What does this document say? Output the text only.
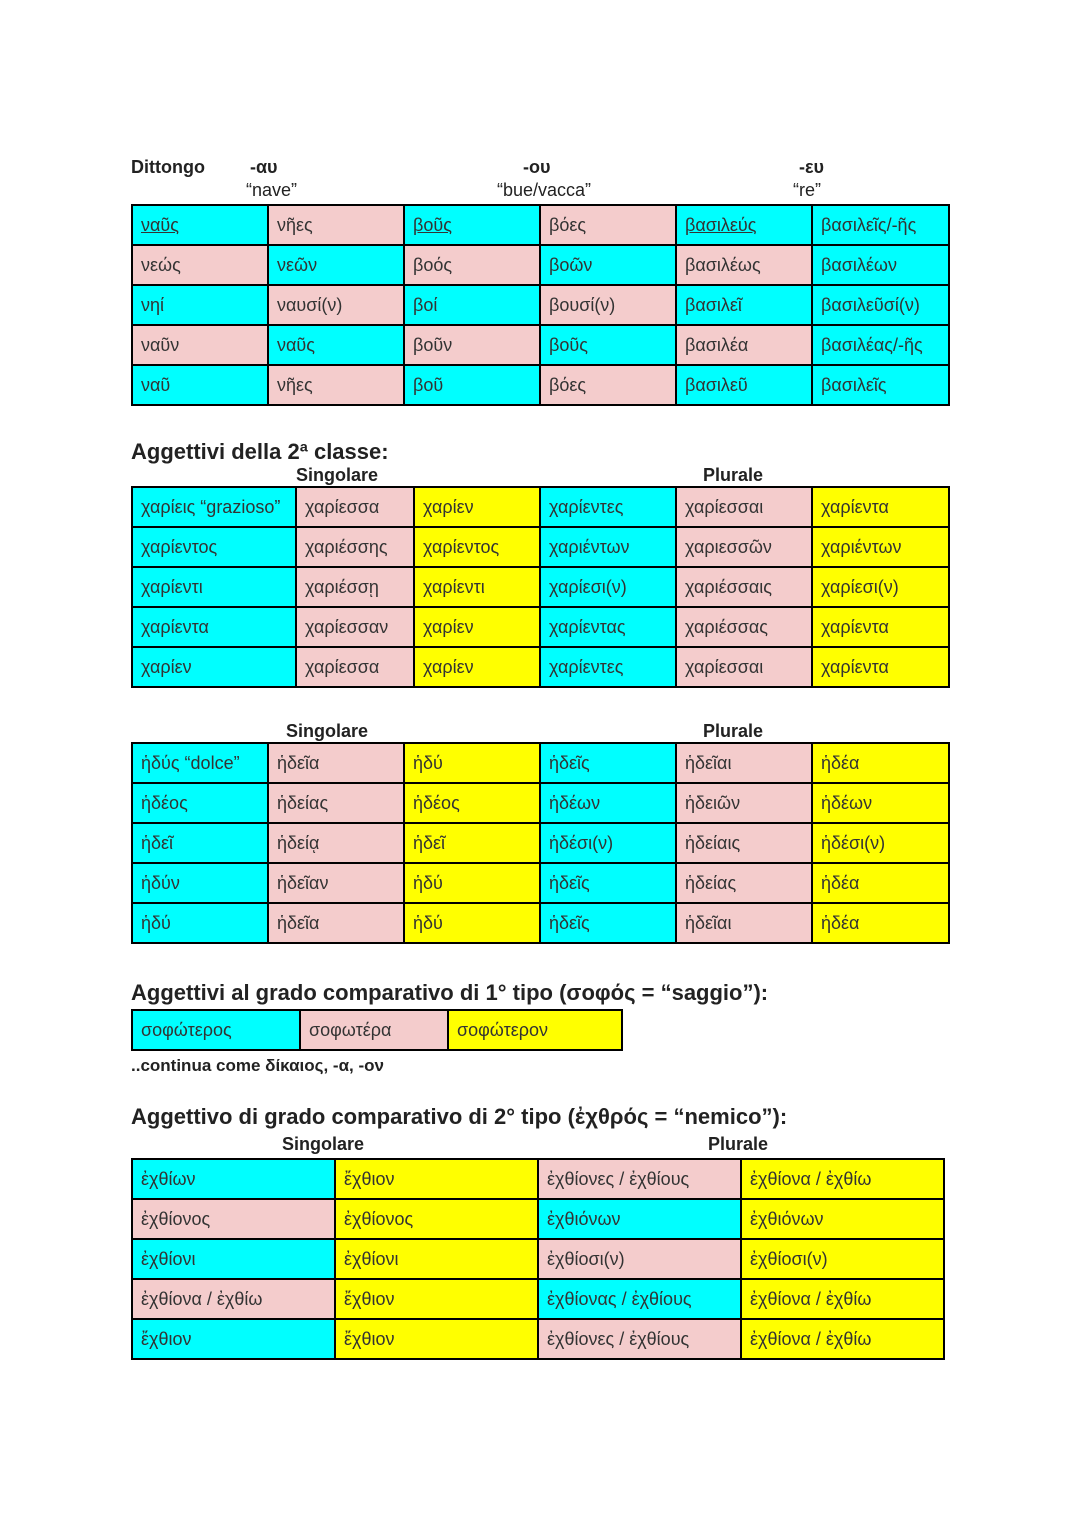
Dittongo	-αυ
“nave”
-ου
“bue/vacca”
-ευ
“re”
ναῦς	νῆες	βοῦς	βόες	βασιλεύς	βασιλεῖς/-ῆς
νεώς	νεῶν	βοός	βοῶν	βασιλέως	βασιλέων
νηί	ναυσί(ν)	βοί	βουσί(ν)	βασιλεῖ	βασιλεῦσί(ν)
ναῦν	ναῦς	βοῦν	βοῦς	βασιλέα	βασιλέας/-ῆς
ναῦ	νῆες	βοῦ	βόες	βασιλεῦ	βασιλεῖς
Aggettivi della 2ª classe:
Singolare	Plurale
χαρίεις “grazioso”	χαρίεσσα	χαρίεν	χαρίεντες	χαρίεσσαι	χαρίεντα
χαρίεντος	χαριέσσης	χαρίεντος	χαριέντων	χαριεσσῶν	χαριέντων
χαρίεντι	χαριέσσῃ	χαρίεντι	χαρίεσι(ν)	χαριέσσαις	χαρίεσι(ν)
χαρίεντα	χαρίεσσαν	χαρίεν	χαρίεντας	χαριέσσας	χαρίεντα
χαρίεν	χαρίεσσα	χαρίεν	χαρίεντες	χαρίεσσαι	χαρίεντα
Singolare	Plurale
ἡδύς “dolce”	ἡδεῖα	ἡδύ	ἡδεῖς	ἡδεῖαι	ἡδέα
ἡδέος	ἡδείας	ἡδέος	ἡδέων	ἡδειῶν	ἡδέων
ἡδεῖ	ἡδείᾳ	ἡδεῖ	ἡδέσι(ν)	ἡδείαις	ἡδέσι(ν)
ἡδύν	ἡδεῖαν	ἡδύ	ἡδεῖς	ἡδείας	ἡδέα
ἡδύ	ἡδεῖα	ἡδύ	ἡδεῖς	ἡδεῖαι	ἡδέα
Aggettivi al grado comparativo di 1° tipo (σοφός = “saggio”):
σοφώτερος	σοφωτέρα	σοφώτερον
..continua come δίκαιος, -α, -ον
Aggettivo di grado comparativo di 2° tipo (ἐχθρός = “nemico”):
Singolare	Plurale
ἐχθίων	ἔχθιον	ἐχθίονες / ἐχθίους	ἐχθίονα / ἐχθίω
ἐχθίονος	ἐχθίονος	ἐχθιόνων	ἐχθιόνων
ἐχθίονι	ἐχθίονι	ἐχθίοσι(ν)	ἐχθίοσι(ν)
ἐχθίονα / ἐχθίω	ἔχθιον	ἐχθίονας / ἐχθίους	ἐχθίονα / ἐχθίω
ἔχθιον	ἔχθιον	ἐχθίονες / ἐχθίους	ἐχθίονα / ἐχθίω
